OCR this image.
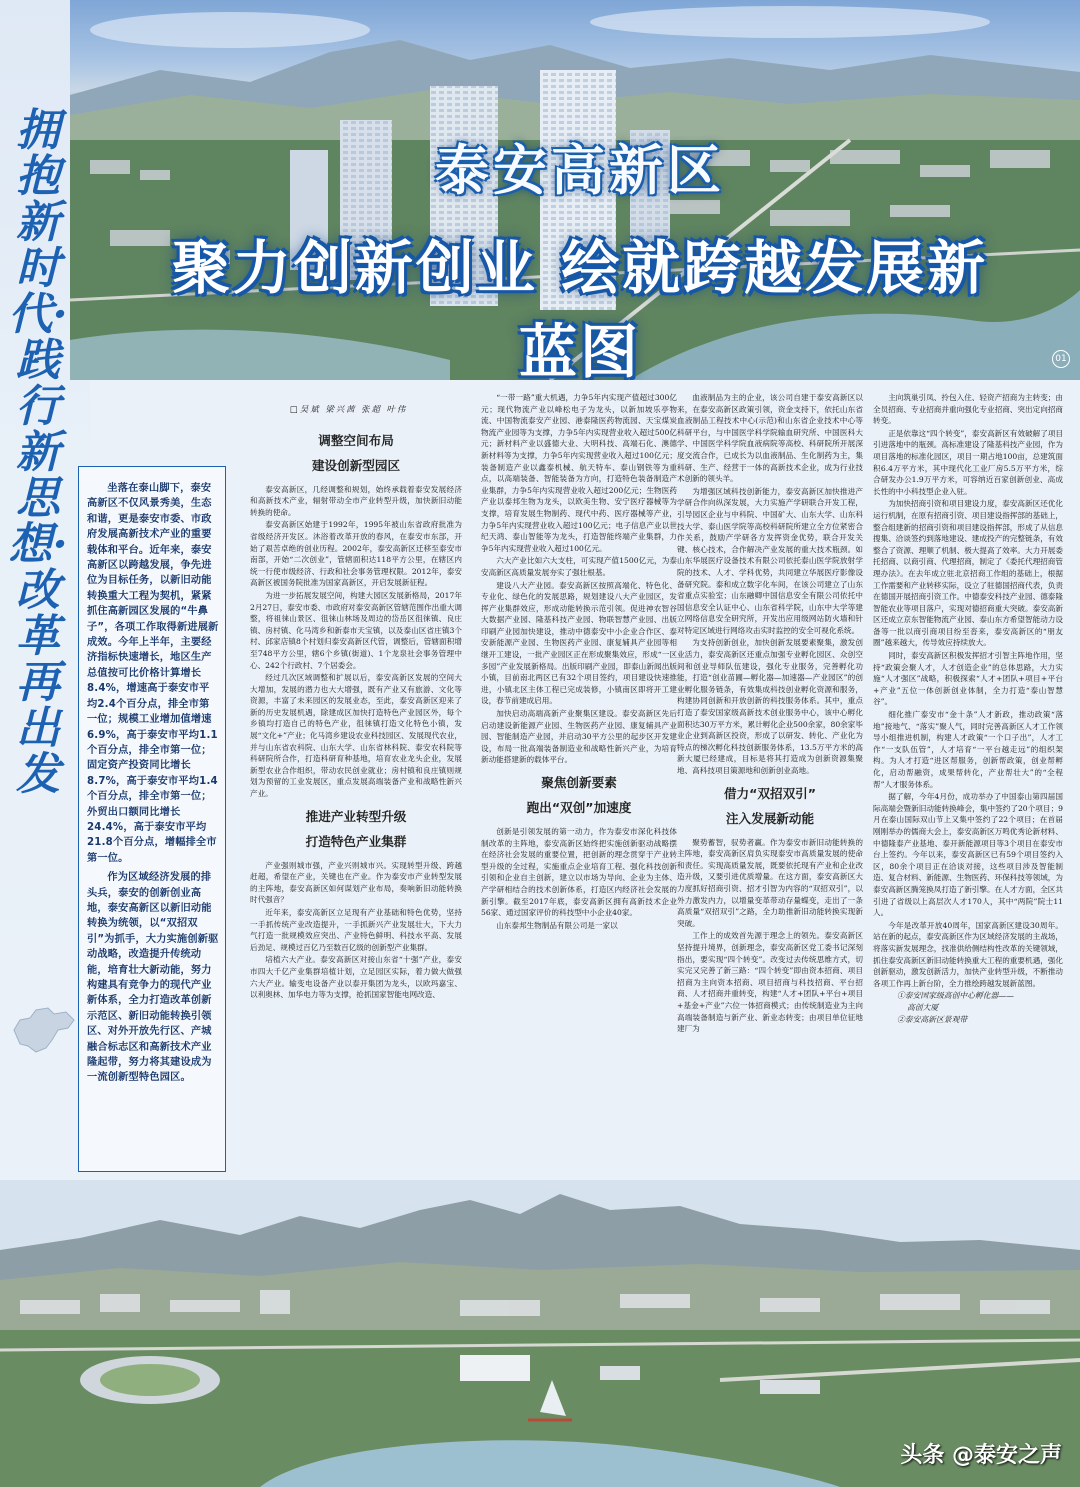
拥抱新时代·践行新思想·改革再出发
泰安高新区
聚力创新创业 绘就跨越发展新蓝图	01

坐落在泰山脚下，泰安高新区不仅风景秀美，生态和谐，更是泰安市委、市政府发展高新技术产业的重要载体和平台。近年来，泰安高新区以跨越发展，争先进位为目标任务，以新旧动能转换重大工程为契机，紧紧抓住高新园区发展的“牛鼻子”，各项工作取得新进展新成效。今年上半年，主要经济指标快速增长，地区生产总值按可比价格计算增长8.4%，增速高于泰安市平均2.4个百分点，排全市第一位；规模工业增加值增速6.9%，高于泰安市平均1.1个百分点，排全市第一位；固定资产投资同比增长8.7%，高于泰安市平均1.4个百分点，排全市第一位；外贸出口额同比增长24.4%，高于泰安市平均21.8个百分点，增幅排全市第一位。

作为区域经济发展的排头兵，泰安的创新创业高地，泰安高新区以新旧动能转换为统领，以“双招双引”为抓手，大力实施创新驱动战略，改造提升传统动能，培育壮大新动能，努力构建具有竞争力的现代产业新体系，全力打造改革创新示范区、新旧动能转换引领区、对外开放先行区、产城融合标志区和高新技术产业隆起带，努力将其建设成为一流创新型特色园区。

□吴斌 梁兴茜 张超 叶伟

调整空间布局
建设创新型园区

泰安高新区，几经调整和规划，始终承载着泰安发展经济和高新技术产业，辐射带动全市产业转型升级，加快新旧动能转换的使命。

泰安高新区始建于1992年，1995年被山东省政府批准为省级经济开发区。沐浴着改革开放的春风，在泰安市东部，开始了艰苦卓绝的创业历程。2002年，泰安高新区迁移至泰安市南部，开始“二次创业”，管辖面积达118平方公里，在辖区内统一行使市级经济、行政和社会事务管理权限。2012年，泰安高新区被国务院批准为国家高新区，开启发展新征程。

为进一步拓展发展空间，构建大园区发展新格局，2017年2月27日，泰安市委、市政府对泰安高新区管辖范围作出重大调整，将祖徕山景区、徂徕山林场及周边的岱岳区徂徕镇、良庄镇、房村镇、化马湾乡和新泰市天宝镇，以及泰山区省庄镇3个村、邱家店镇8个村划归泰安高新区代管，调整后，管辖面积增至748平方公里，辖6个乡镇(街道)、1个龙泉社会事务管理中心、242个行政村、7个居委会。

经过几次区域调整和扩展以后，泰安高新区发展的空间大大增加，发展的潜力也大大增强，既有产业又有旅游、文化等资源，丰富了未来园区的发展业态，至此，泰安高新区迎来了新的历史发展机遇，除建成区加快打造特色产业园区外，每个乡镇均打造自己的特色产业，徂徕镇打造文化特色小镇，发展“文化+”产业；化马湾乡建设农业科技园区、发展现代农业，并与山东省农科院、山东大学、山东省林科院、泰安农科院等科研院所合作，打造科研育种基地，培育农业龙头企业，发展新型农业合作组织，带动农民创业就业；房村镇和良庄镇则规划为预留的工业发展区，重点发展高端装备产业和战略性新兴产业。

推进产业转型升级
打造特色产业集群

产业强则城市强，产业兴则城市兴。实现转型升级、跨越赶超，希望在产业，关键也在产业。作为泰安市产业转型发展的主阵地，泰安高新区如何谋划产业布局，奏响新旧动能转换时代强音？

近年来，泰安高新区立足现有产业基础和特色优势，坚持一手抓传统产业改造提升，一手抓新兴产业发展壮大，下大力气打造一批规模效应突出、产业特色鲜明、科技水平高、发展后劲足、规模过百亿乃至数百亿级的创新型产业集群。

培植六大产业。泰安高新区对接山东省“十强”产业，泰安市四大千亿产业集群培植计划，立足园区实际，着力做大做强六大产业。输变电设备产业以泰开集团为龙头，以欧玛嘉宝、以利奥林、加华电力等为支撑，抢抓国家智能电网改造、

“一带一路”重大机遇，力争5年内实现产值超过300亿元；现代物流产业以峰松电子为龙头，以新加坡乐亭物流、中国物流泰安产业园、港泰隆医药物流园、天宝煤炭物流产业园等为支撑，力争5年内实现营业收入超过500亿元；新材料产业以盛德大业、大明科技、高端石化、澳德新材料等为支撑，力争5年内实现营业收入超过100亿元；装备制造产业以鑫泰机械、航天特车、泰山钢铁等为重点，以高端装备、智能装备为方向，打造特色装备制造产业集群，力争5年内实现营业收入超过200亿元；生物医药产业以泰邦生物为龙头，以欧美生物、安宁医疗器械等为支撑，培育发展生物制药、现代中药、医疗器械等产业，力争5年内实现营业收入超过100亿元；电子信息产业以世纪天鸿、泰山智能等为龙头，打造智能终端产业集群，力争5年内实现营业收入超过100亿元。

六大产业比如六大支柱，可实现产值1500亿元，为泰安高新区高质量发展夯实了强壮根基。

建设八大产业园。泰安高新区按照高端化、特色化、专业化、绿色化的发展思路，规划建设八大产业园区，发挥产业集群效应，形成动能转换示范引领。促进神农智谷大数据产业园、隆基科技产业园、物联智慧产业园、出版印刷产业园加快建设，推动中德泰安中小企业合作区、泰安新能源产业园、生物医药产业园、康复辅具产业园等相继开工建设，一批产业园区正在形成聚集效应，形成“一区多园”产业发展新格局。出版印刷产业园，即泰山新闻出版小镇，目前南北两区已有32个项目签约，项目建设快速推进，小镇北区主体工程已完成装修，小镇南区即将开工建设，春节前建成启用。

加快启动高端高新产业聚集区建设。泰安高新区先后启动建设新能源产业园、生物医药产业园、康复辅具产业园、智能制造产业园，并启动30平方公里的起步区开发建设，布局一批高端装备制造业和战略性新兴产业，为培育新动能搭建新的载体平台。

聚焦创新要素
跑出“双创”加速度

创新是引领发展的第一动力，作为泰安市深化科技体制改革的主阵地，泰安高新区始终把实施创新驱动战略摆在经济社会发展的重要位置，把创新的理念贯穿于产业转型升级的全过程，实施重点企业培育工程、强化科技创新引领和企业自主创新，建立以市场为导向、企业为主体、产学研相结合的技术创新体系，打造区内经济社会发展的新引擎。截至2017年底，泰安高新区拥有高新技术企业56家、通过国家评价的科技型中小企业40家。

山东泰邦生物制品有限公司是一家以

血液制品为主的企业，该公司自建于泰安高新区以来，在泰安高新区政策引领，资金支持下，依托山东省血液制品工程技术中心(示范)和山东省企业技术中心等科研平台，与中国医学科学院输血研究所、中国医科大学、中国医学科学院血液病院等高校、科研院所开展深度交流合作，已成长为以血液制品、生化制药为主，集科研、生产、经营于一体的高新技术企业，成为行业技术创新的领头羊。

为增强区域科技创新能力，泰安高新区加快推进产学研合作向纵深发展，大力实施产学研联合开发工程，引导园区企业与中科院、中国矿大、山东大学、山东科技大学、泰山医学院等高校科研院所建立全方位紧密合作关系，鼓励产学研各方发挥资金优势，联合开发关键、核心技术，合作解决产业发展的重大技术瓶颈。如山东华展医疗设备技术有限公司依托泰山医学院放射学院的技术、人才、学科优势，共同建立华展医疗影像设备研究院。泰和成立数字化车间，在该公司建立了山东省重点实验室；山东融卿中国信息安全有限公司依托中国信息安全认证中心、山东省科学院，山东中大学等建立网络信息安全研究所，开发出应用级网站防火墙和针对特定区域进行网络攻击实时监控的安全可视化系统。

为支持创新创业，加快创新发展要素聚集，激发创业活力，泰安高新区还重点加强专业孵化园区、众创空间和创业导师队伍建设，强化专业服务，完善孵化功能，打造“创业苗圃—孵化器—加速器—产业园区”的创业孵化服务链条，有效集成科技创业孵化资源和服务，构建协同创新和开放创新的科技服务体系。其中，重点打造了泰安国家级高新技术创业服务中心，该中心孵化面积达30万平方米，累计孵化企业500余家，80余家毕业企业到高新区投资，形成了以研发、转化、产业化为特点的梯次孵化科技创新服务体系，13.5万平方米的高新大厦已经建成，目标是将其打造成为创新资源集聚地、高科技项目策源地和创新创业高地。

借力“双招双引”
注入发展新动能

聚势蓄智，驭势者赢。作为泰安市新旧动能转换的主阵地，泰安高新区肩负实现泰安市高质量发展的使命和责任。实现高质量发展，既要依托现有产业和企业改造升级，又要引进优质增量。在这方面，泰安高新区大力度抓好招商引资、招才引智为内容的“双招双引”，以外力激发内力，以增量变革带动存量蝶变，走出了一条高质量“双招双引”之路，全力助推新旧动能转换实现新突破。

工作上的成效首先源于理念上的领先。泰安高新区坚持提升境界，创新理念，泰安高新区党工委书记深刻指出，要实现“四个转变”。改变过去传统思维方式，切实完又完善了新三路：“四个转变”即由资本招商、项目招商为主向资本招商、项目招商与科技招商、平台招商、人才招商并重转变，构建“人才+团队+平台+项目+基金+产业”六位一体招商模式；由传统制造业为主向高端装备制造与新产业、新业态转变；由项目单位征地建厂为

主向筑巢引凤、拎包入住、轻资产招商为主转变；由全员招商、专业招商并重向强化专业招商、突出定向招商转变。

正是依靠这“四个转变”，泰安高新区有效破解了项目引进落地中的瓶颈。高标准建设了隆基科技产业园，作为项目落地的标准化园区，项目一期占地100亩，总建筑面积6.4万平方米，其中现代化工业厂房5.5万平方米，综合研发办公1.9万平方米，可容纳近百家创新创业、高成长性的中小科技型企业入驻。

为加快招商引资和项目建设力度，泰安高新区还优化运行机制，在原有招商引资、项目建设指挥部的基础上，整合组建新的招商引资和项目建设指挥部，形成了从信息搜集、洽谈签约到落地建设、建成投产的完整链条，有效整合了资源、理顺了机制、极大提高了效率。大力开展委托招商、以商引商、代理招商，制定了《委托代理招商管理办法》。在去年成立驻北京招商工作组的基础上，根据工作需要和产业转移实际，设立了驻德国招商代表，负责在德国开展招商引资工作。中德泰安科技产业园、德泰隆智能农业等项目落户，实现对德招商重大突破。泰安高新区还成立京东智能物流产业园、泰山东方希望智能动力设备等一批以商引商项目纷至沓来，泰安高新区的“朋友圈”越来越大，传导效应持续放大。

同时，泰安高新区积极发挥招才引智主阵地作用，坚持“政策会聚人才，人才创造企业”的总体思路，大力实施“人才强区”战略，积极探索“人才+团队+项目+平台+产业”五位一体创新创业体制，全力打造“泰山智慧谷”。

细化推广泰安市“金十条”人才新政，推动政策“落地”接地气、“落实”聚人气，同时完善高新区人才工作领导小组推进机制，构建人才政策“一个口子出”，人才工作“一支队伍管”，人才培育“一平台越走远”的组织架构。为人才打造“进区帮服务，创新帮政策，创业帮孵化，启动帮融资，成果帮转化，产业帮壮大”的“全程帮”人才服务体系。

据了解，今年4月份，成功举办了中国泰山第四届国际高端会暨新旧动能转换峰会，集中签约了20个项目；9月在泰山国际双山节上又集中签约了22个项目；在首届刚刚举办的儒商大会上，泰安高新区万鸣优秀论新材料、中德隆泰产业基地、泰开新能源项目等3个项目在泰安市台上签约。今年以来，泰安高新区已有59个项目签约入区，80余个项目正在洽谈对接，这些项目涉及智能制造、复合材料、新能源、生物医药、环保科技等领域，为泰安高新区腾笼换凤打造了新引擎。在人才方面，全区共引进了省级以上高层次人才170人，其中“两院”院士11人。

今年是改革开放40周年，国家高新区建设30周年。站在新的起点，泰安高新区作为区域经济发展的主战场，将落实新发展理念，找准供给侧结构性改革的关键领域，抓住泰安高新区新旧动能转换重大工程的重要机遇，强化创新驱动，激发创新活力，加快产业转型升级，不断推动各项工作再上新台阶，全力推绘跨越发展新蓝图。

①泰安国家级高创中心孵化器——

高创大厦

②泰安高新区景观带

头条 @泰安之声
